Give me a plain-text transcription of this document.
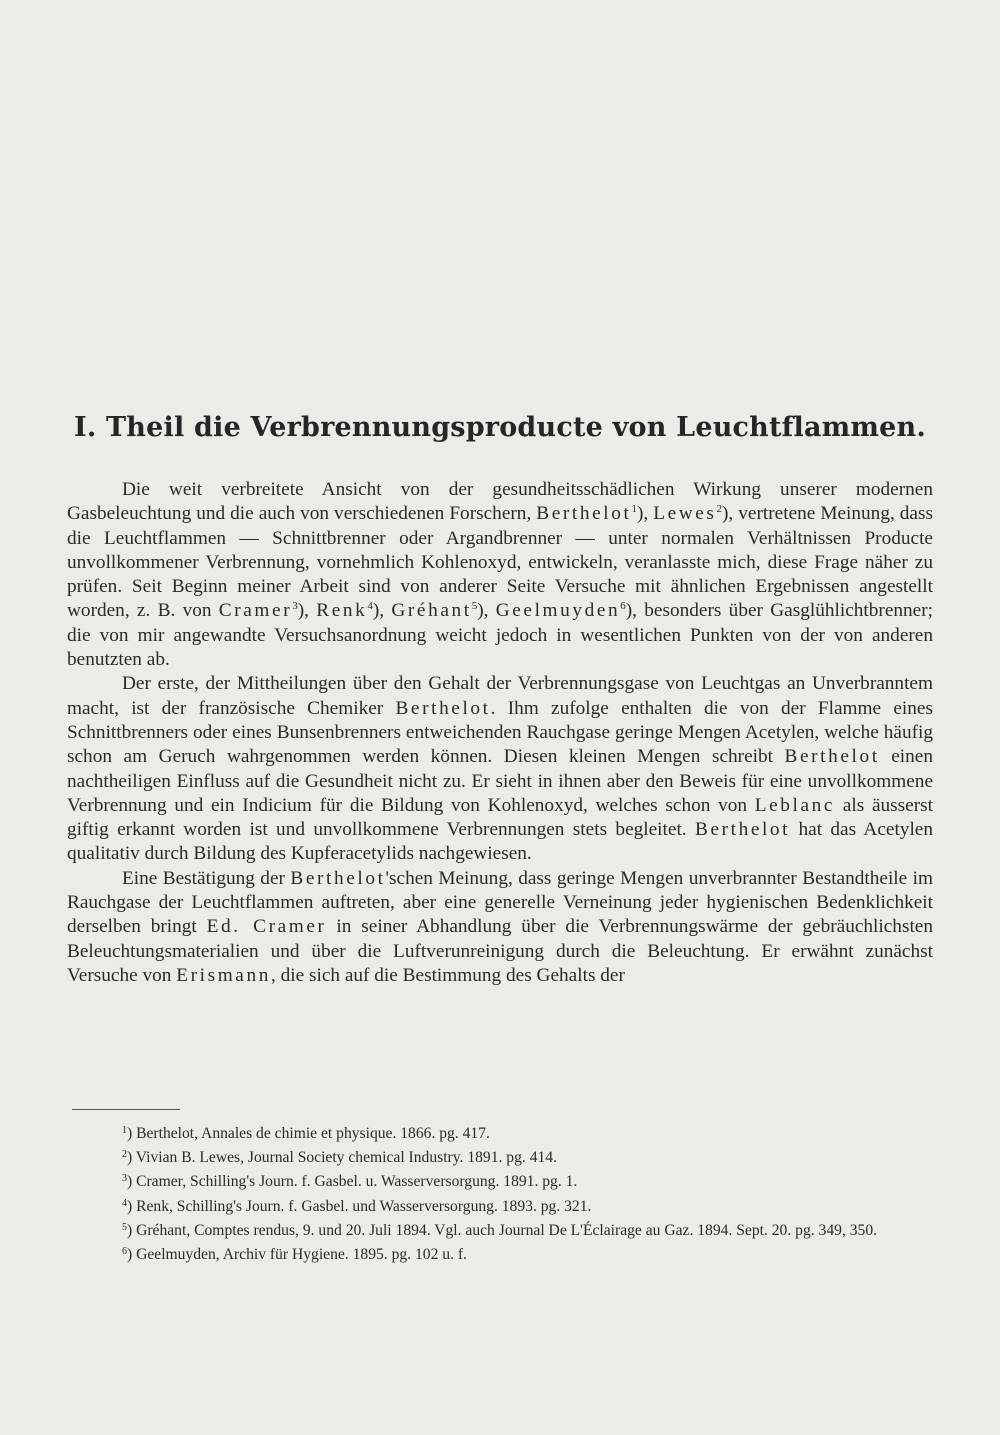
I. Theil die Verbrennungsproducte von Leuchtflammen.

Die weit verbreitete Ansicht von der gesundheitsschädlichen Wirkung unserer modernen Gasbeleuchtung und die auch von verschiedenen Forschern, Berthelot$^1$), Lewes$^2$), vertretene Meinung, dass die Leuchtflammen — Schnittbrenner oder Argandbrenner — unter normalen Verhältnissen Producte unvollkommener Verbrennung, vornehmlich Kohlenoxyd, entwickeln, veranlasste mich, diese Frage näher zu prüfen. Seit Beginn meiner Arbeit sind von anderer Seite Versuche mit ähnlichen Ergebnissen angestellt worden, z. B. von Cramer$^3$), Renk$^4$), Gréhant$^5$), Geelmuyden$^6$), besonders über Gasglühlichtbrenner; die von mir angewandte Versuchsanordnung weicht jedoch in wesentlichen Punkten von der von anderen benutzten ab.

Der erste, der Mittheilungen über den Gehalt der Verbrennungsgase von Leuchtgas an Unverbranntem macht, ist der französische Chemiker Berthelot. Ihm zufolge enthalten die von der Flamme eines Schnittbrenners oder eines Bunsenbrenners entweichenden Rauchgase geringe Mengen Acetylen, welche häufig schon am Geruch wahrgenommen werden können. Diesen kleinen Mengen schreibt Berthelot einen nachtheiligen Einfluss auf die Gesundheit nicht zu. Er sieht in ihnen aber den Beweis für eine unvollkommene Verbrennung und ein Indicium für die Bildung von Kohlenoxyd, welches schon von Leblanc als äusserst giftig erkannt worden ist und unvollkommene Verbrennungen stets begleitet. Berthelot hat das Acetylen qualitativ durch Bildung des Kupferacetylids nachgewiesen.

Eine Bestätigung der Berthelot'schen Meinung, dass geringe Mengen unverbrannter Bestandtheile im Rauchgase der Leuchtflammen auftreten, aber eine generelle Verneinung jeder hygienischen Bedenklichkeit derselben bringt Ed. Cramer in seiner Abhandlung über die Verbrennungswärme der gebräuchlichsten Beleuchtungsmaterialien und über die Luftverunreinigung durch die Beleuchtung. Er erwähnt zunächst Versuche von Erismann, die sich auf die Bestimmung des Gehalts der

$^1$) Berthelot, Annales de chimie et physique. 1866. pg. 417.

$^2$) Vivian B. Lewes, Journal Society chemical Industry. 1891. pg. 414.

$^3$) Cramer, Schilling's Journ. f. Gasbel. u. Wasserversorgung. 1891. pg. 1.

$^4$) Renk, Schilling's Journ. f. Gasbel. und Wasserversorgung. 1893. pg. 321.

$^5$) Gréhant, Comptes rendus, 9. und 20. Juli 1894. Vgl. auch Journal De L'Éclairage au Gaz. 1894. Sept. 20. pg. 349, 350.

$^6$) Geelmuyden, Archiv für Hygiene. 1895. pg. 102 u. f.
